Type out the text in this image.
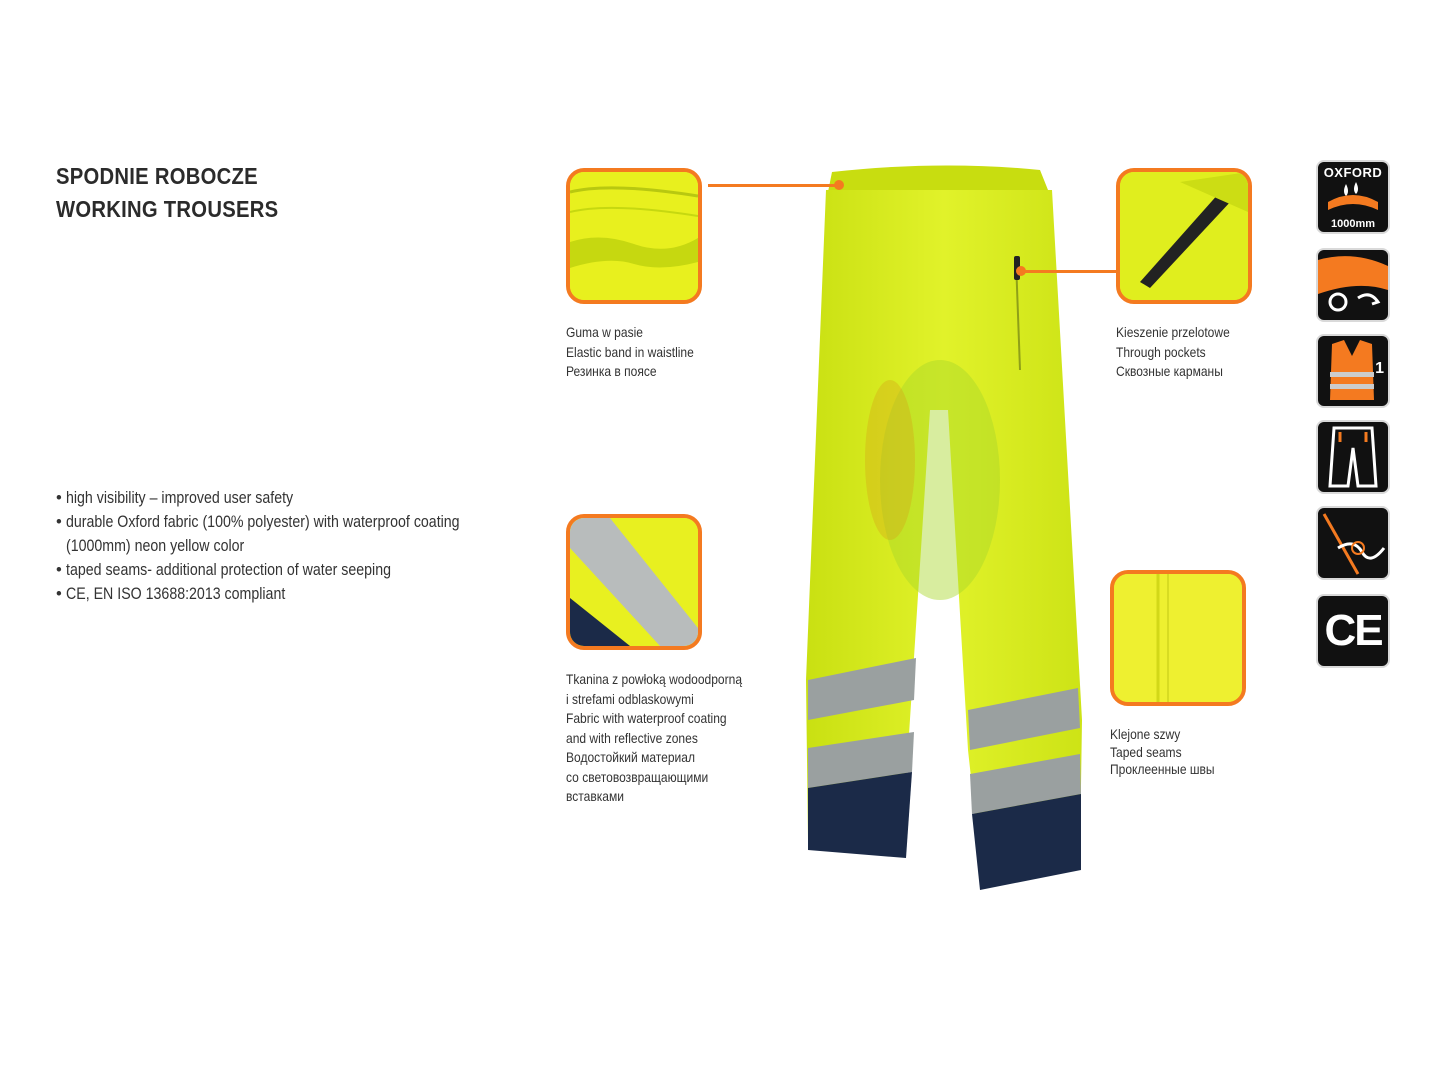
SPODNIE ROBOCZE
WORKING TROUSERS
• high visibility – improved user safety
• durable Oxford fabric (100% polyester) with waterproof coating
(1000mm) neon yellow color
• taped seams- additional protection of water seeping
• CE, EN ISO 13688:2013 compliant
Guma w pasie
Elastic band in waistline
Резинка в поясе
Kieszenie przelotowe
Through pockets
Сквозные карманы
Tkanina z powłoką wodoodporną
i strefami odblaskowymi
Fabric with waterproof coating
and with reflective zones
Водостойкий материал
со световозвращающими
вставками
Klejone szwy
Taped seams
Проклеенные швы
OXFORD
1000mm
1
CE
